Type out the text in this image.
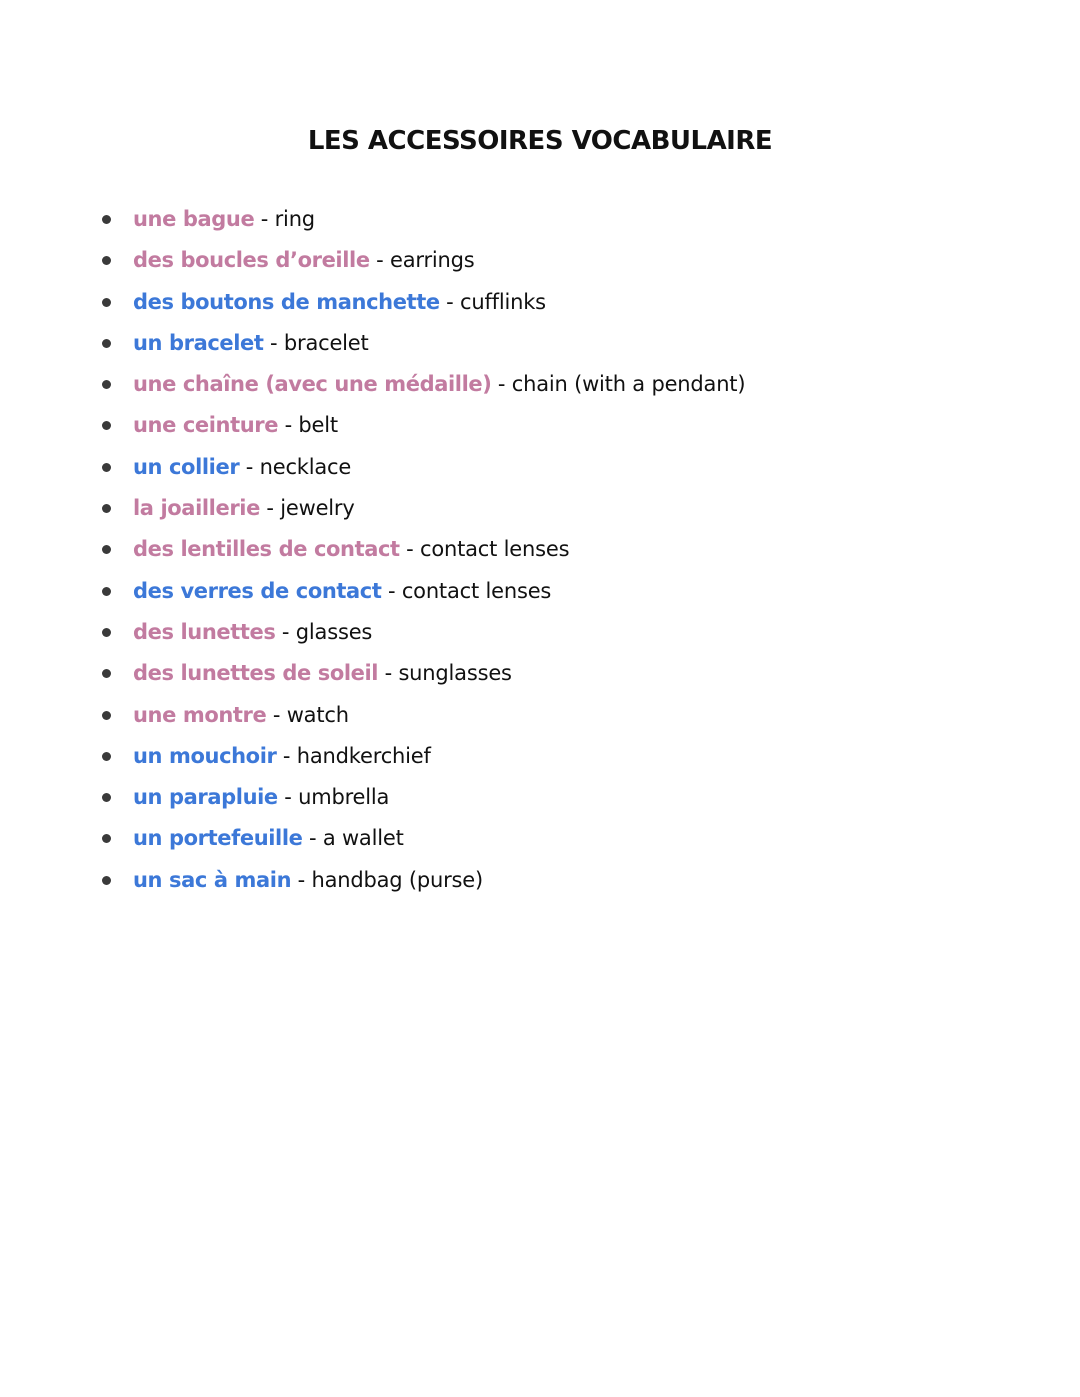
LES ACCESSOIRES VOCABULAIRE
une bague - ring
des boucles d’oreille - earrings
des boutons de manchette - cufflinks
un bracelet - bracelet
une chaîne (avec une médaille) - chain (with a pendant)
une ceinture - belt
un collier - necklace
la joaillerie - jewelry
des lentilles de contact - contact lenses
des verres de contact - contact lenses
des lunettes - glasses
des lunettes de soleil - sunglasses
une montre - watch
un mouchoir - handkerchief
un parapluie - umbrella
un portefeuille - a wallet
un sac à main - handbag (purse)
